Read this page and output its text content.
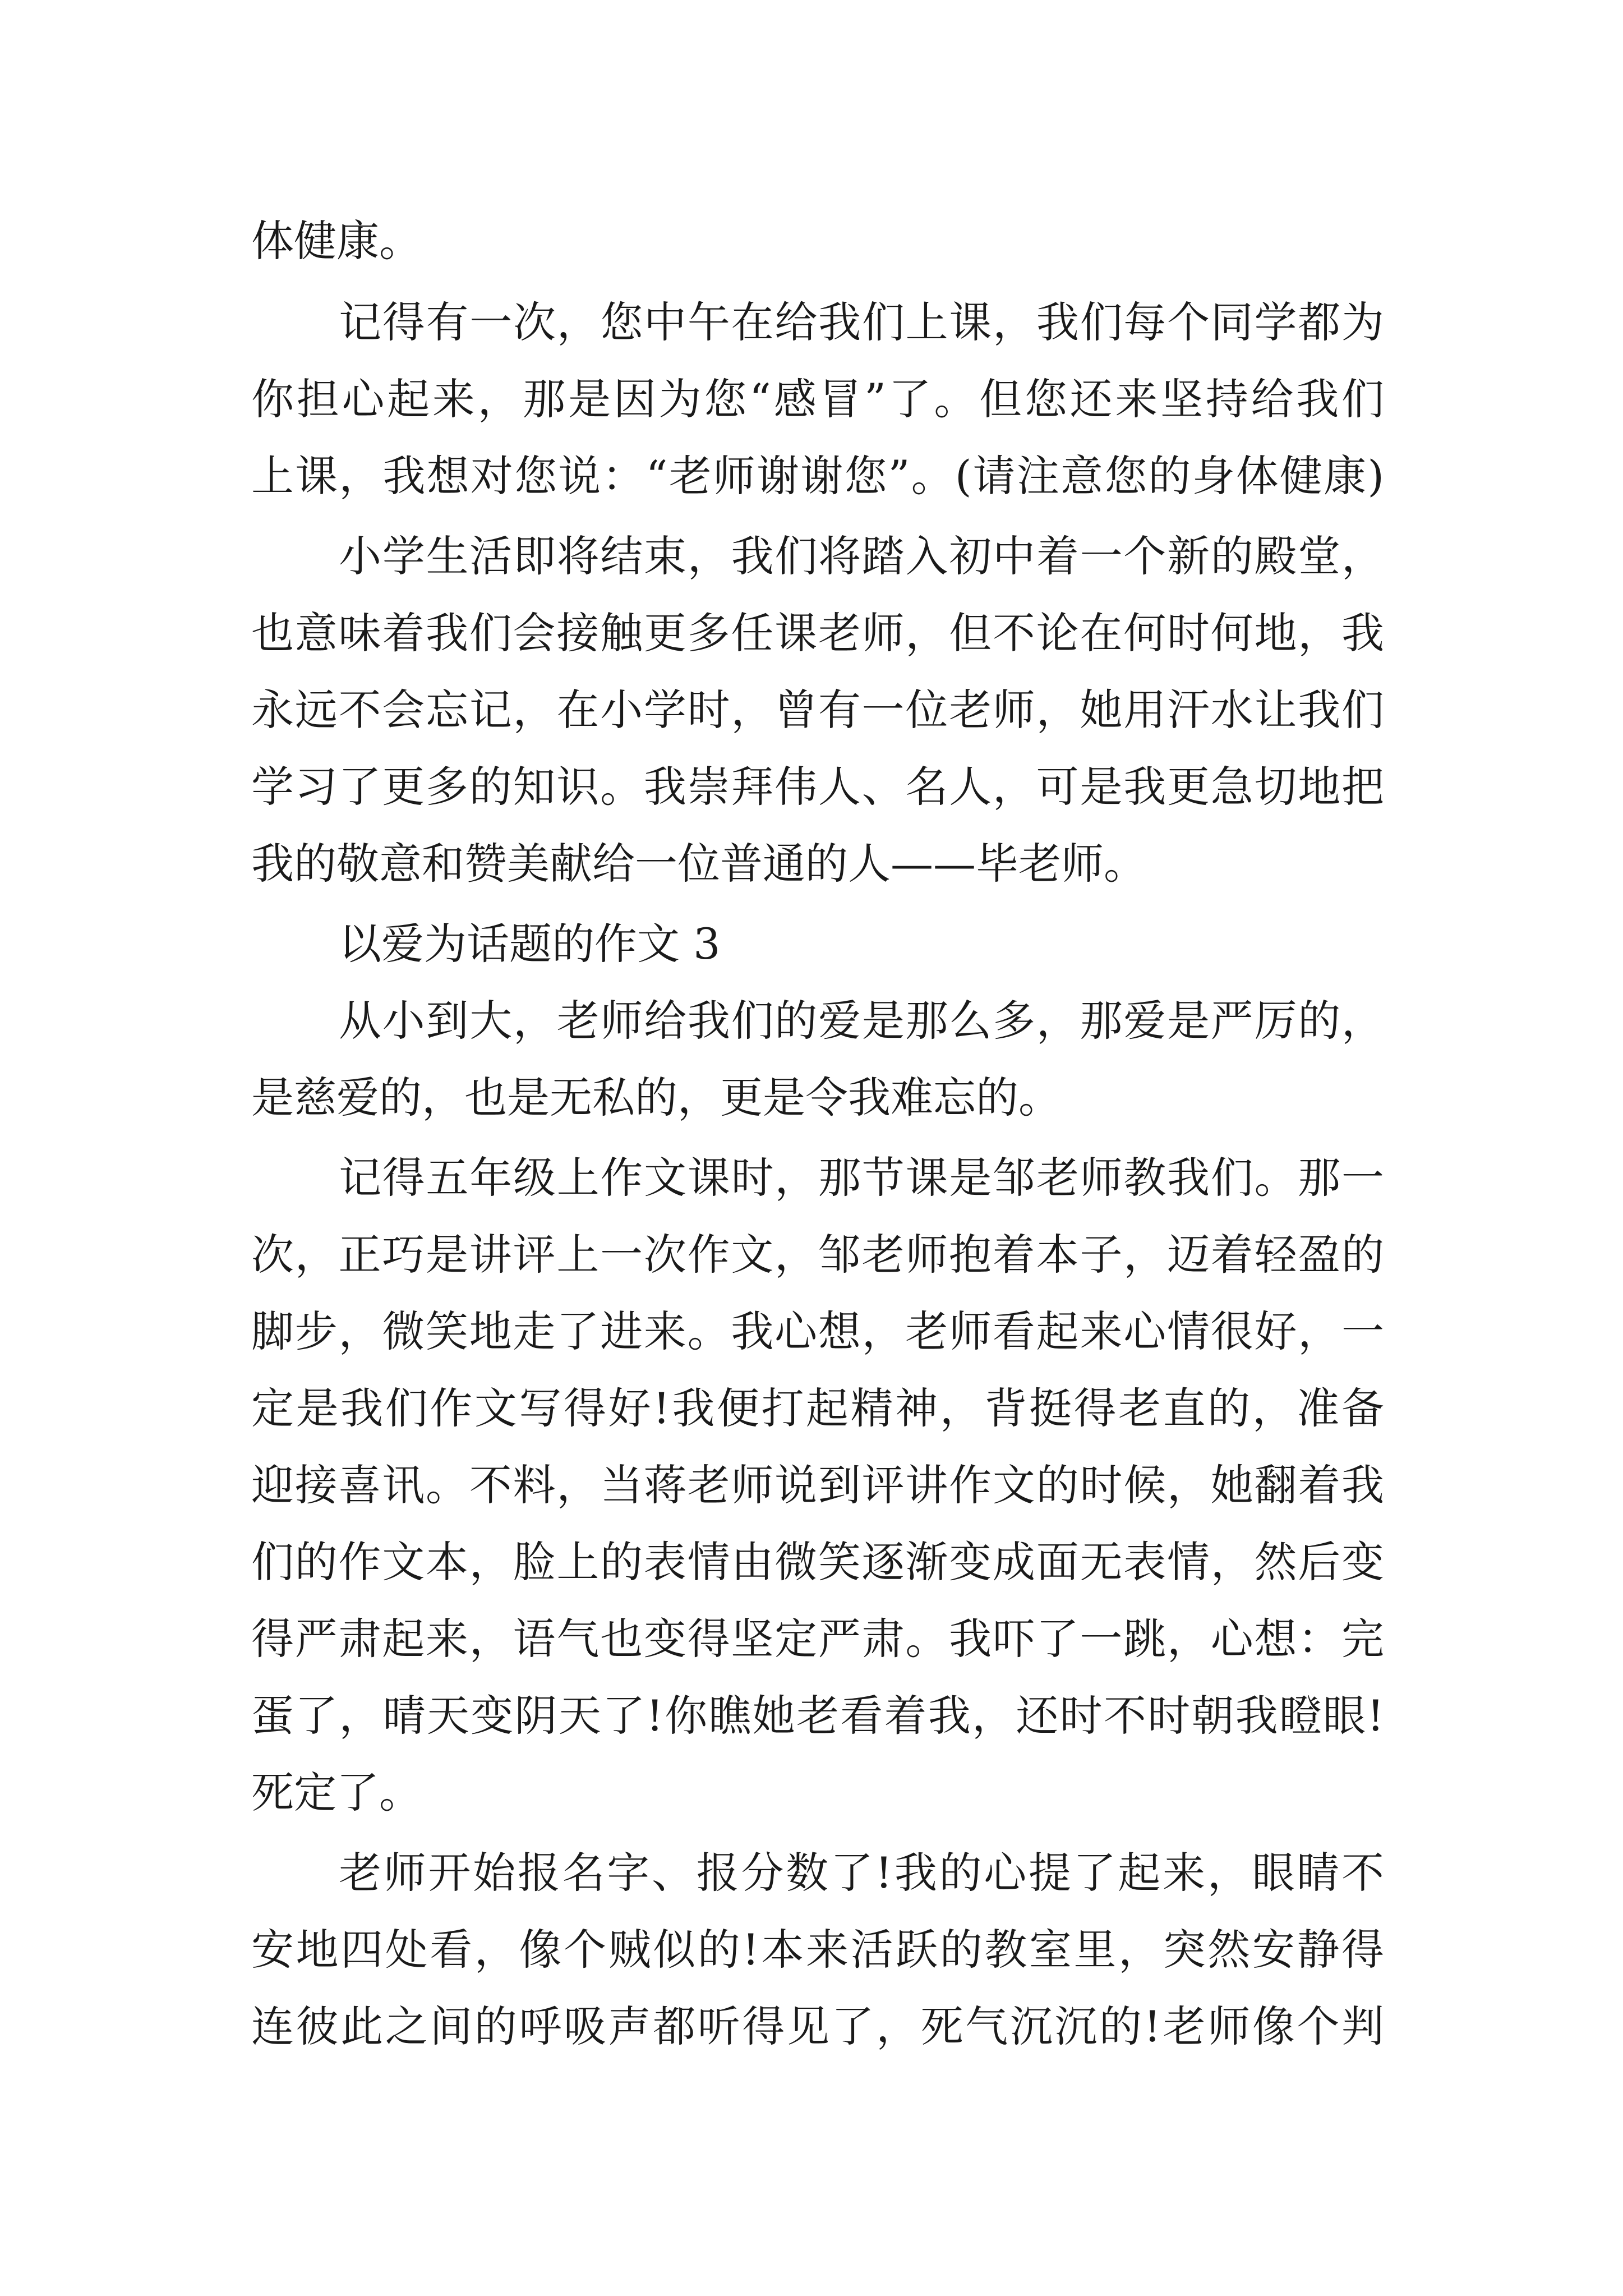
体健康。
记得有一次，您中午在给我们上课，我们每个同学都为
你担心起来，那是因为您“感冒”了。但您还来坚持给我们
上课，我想对您说：“老师谢谢您”。(请注意您的身体健康)
小学生活即将结束，我们将踏入初中着一个新的殿堂，
也意味着我们会接触更多任课老师，但不论在何时何地，我
永远不会忘记，在小学时，曾有一位老师，她用汗水让我们
学习了更多的知识。我崇拜伟人、名人，可是我更急切地把
我的敬意和赞美献给一位普通的人——毕老师。
以爱为话题的作文 3
从小到大，老师给我们的爱是那么多，那爱是严厉的，
是慈爱的，也是无私的，更是令我难忘的。
记得五年级上作文课时，那节课是邹老师教我们。那一
次，正巧是讲评上一次作文，邹老师抱着本子，迈着轻盈的
脚步，微笑地走了进来。我心想，老师看起来心情很好，一
定是我们作文写得好!我便打起精神，背挺得老直的，准备
迎接喜讯。不料，当蒋老师说到评讲作文的时候，她翻着我
们的作文本，脸上的表情由微笑逐渐变成面无表情，然后变
得严肃起来，语气也变得坚定严肃。我吓了一跳，心想：完
蛋了，晴天变阴天了!你瞧她老看着我，还时不时朝我瞪眼!
死定了。
老师开始报名字、报分数了!我的心提了起来，眼睛不
安地四处看，像个贼似的!本来活跃的教室里，突然安静得
连彼此之间的呼吸声都听得见了，死气沉沉的!老师像个判
